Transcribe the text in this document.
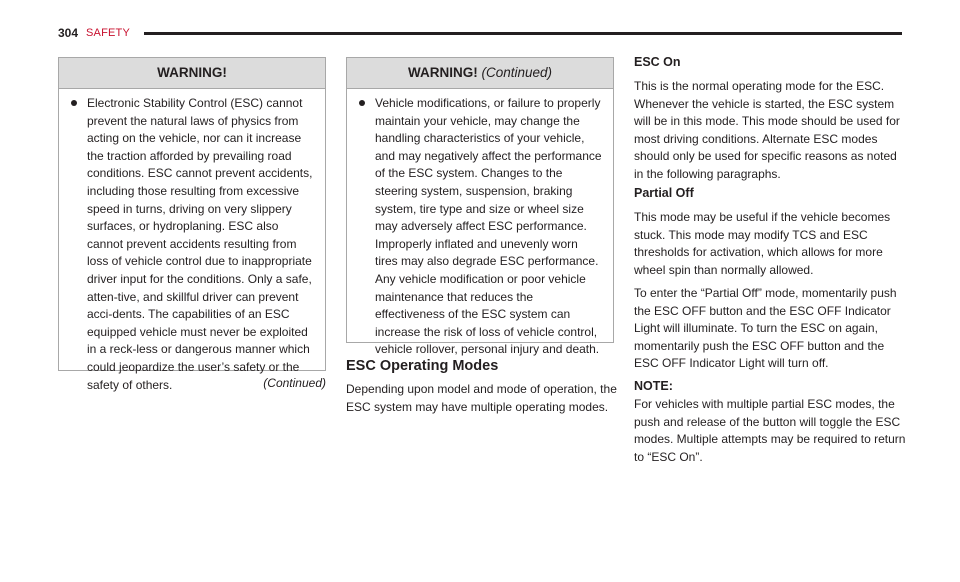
304 SAFETY
WARNING!
Electronic Stability Control (ESC) cannot prevent the natural laws of physics from acting on the vehicle, nor can it increase the traction afforded by prevailing road conditions. ESC cannot prevent accidents, including those resulting from excessive speed in turns, driving on very slippery surfaces, or hydroplaning. ESC also cannot prevent accidents resulting from loss of vehicle control due to inappropriate driver input for the conditions. Only a safe, atten-tive, and skillful driver can prevent acci-dents. The capabilities of an ESC equipped vehicle must never be exploited in a reck-less or dangerous manner which could jeopardize the user’s safety or the safety of others.	(Continued)
WARNING! (Continued)
Vehicle modifications, or failure to properly maintain your vehicle, may change the handling characteristics of your vehicle, and may negatively affect the performance of the ESC system. Changes to the steering system, suspension, braking system, tire type and size or wheel size may adversely affect ESC performance. Improperly inflated and unevenly worn tires may also degrade ESC performance. Any vehicle modification or poor vehicle maintenance that reduces the effectiveness of the ESC system can increase the risk of loss of vehicle control, vehicle rollover, personal injury and death.
ESC Operating Modes
Depending upon model and mode of operation, the ESC system may have multiple operating modes.
ESC On
This is the normal operating mode for the ESC. Whenever the vehicle is started, the ESC system will be in this mode. This mode should be used for most driving conditions. Alternate ESC modes should only be used for specific reasons as noted in the following paragraphs.
Partial Off
This mode may be useful if the vehicle becomes stuck. This mode may modify TCS and ESC thresholds for activation, which allows for more wheel spin than normally allowed.
To enter the “Partial Off” mode, momentarily push the ESC OFF button and the ESC OFF Indicator Light will illuminate. To turn the ESC on again, momentarily push the ESC OFF button and the ESC OFF Indicator Light will turn off.
NOTE:
For vehicles with multiple partial ESC modes, the push and release of the button will toggle the ESC modes. Multiple attempts may be required to return to “ESC On”.
